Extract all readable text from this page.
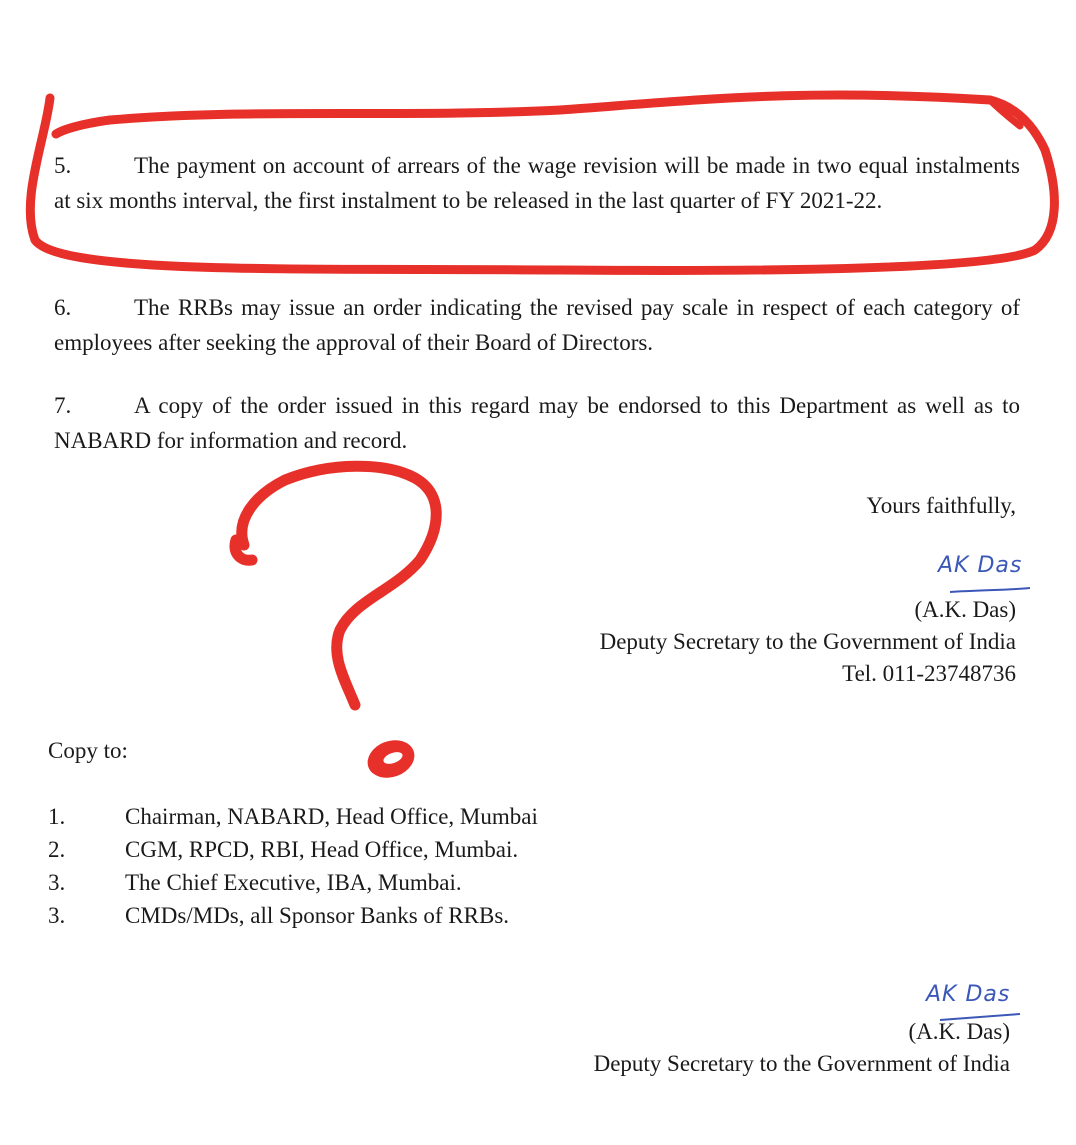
5.	The payment on account of arrears of the wage revision will be made in two equal instalments at six months interval, the first instalment to be released in the last quarter of FY 2021-22.
6.	The RRBs may issue an order indicating the revised pay scale in respect of each category of employees after seeking the approval of their Board of Directors.
7.	A copy of the order issued in this regard may be endorsed to this Department as well as to NABARD for information and record.
Yours faithfully,
AK Das
(A.K. Das)
Deputy Secretary to the Government of India
Tel. 011-23748736
Copy to:
1.	Chairman, NABARD, Head Office, Mumbai
2.	CGM, RPCD, RBI, Head Office, Mumbai.
3.	The Chief Executive, IBA, Mumbai.
3.	CMDs/MDs, all Sponsor Banks of RRBs.
AK Das
(A.K. Das)
Deputy Secretary to the Government of India
